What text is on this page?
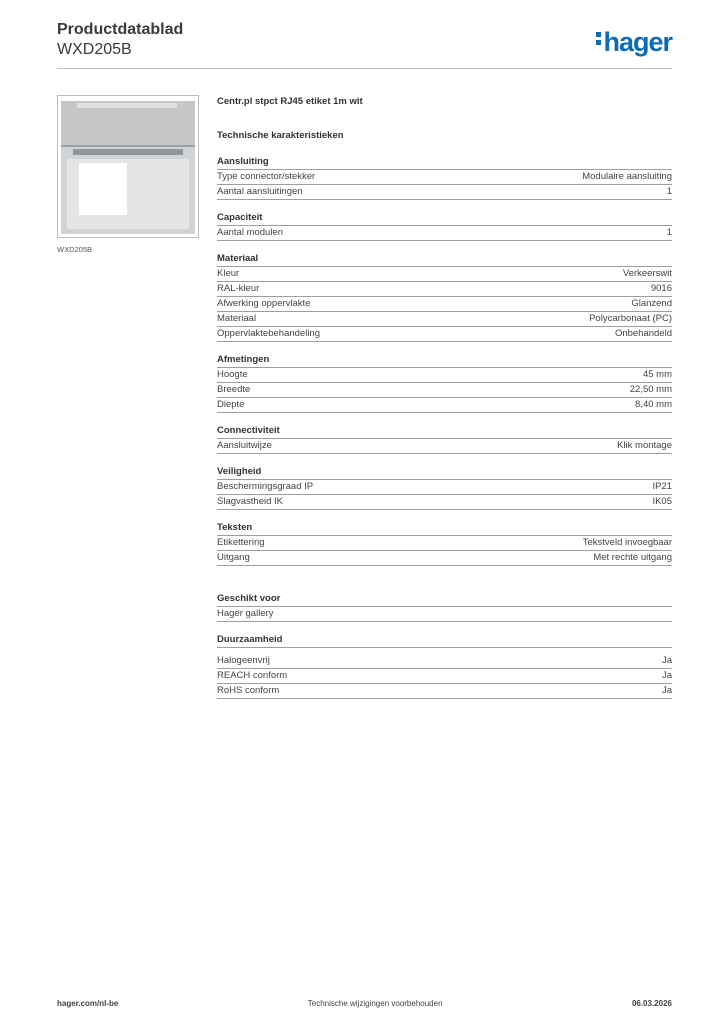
Productdatablad
WXD205B	hager
WXD205B
Centr.pl stpct RJ45 etiket 1m wit
Technische karakteristieken
Aansluiting
Type connector/stekker	Modulaire aansluiting
Aantal aansluitingen	1
Capaciteit
Aantal modulen	1
Materiaal
Kleur	Verkeerswit
RAL-kleur	9016
Afwerking oppervlakte	Glanzend
Materiaal	Polycarbonaat (PC)
Oppervlaktebehandeling	Onbehandeld
Afmetingen
Hoogte	45 mm
Breedte	22,50 mm
Diepte	8,40 mm
Connectiviteit
Aansluitwijze	Klik montage
Veiligheid
Beschermingsgraad IP	IP21
Slagvastheid IK	IK05
Teksten
Etikettering	Tekstveld invoegbaar
Uitgang	Met rechte uitgang
Geschikt voor
Hager gallery
Duurzaamheid
Halogeenvrij	Ja
REACH conform	Ja
RoHS conform	Ja
hager.com/nl-be	Technische wijzigingen voorbehouden	06.03.2026
